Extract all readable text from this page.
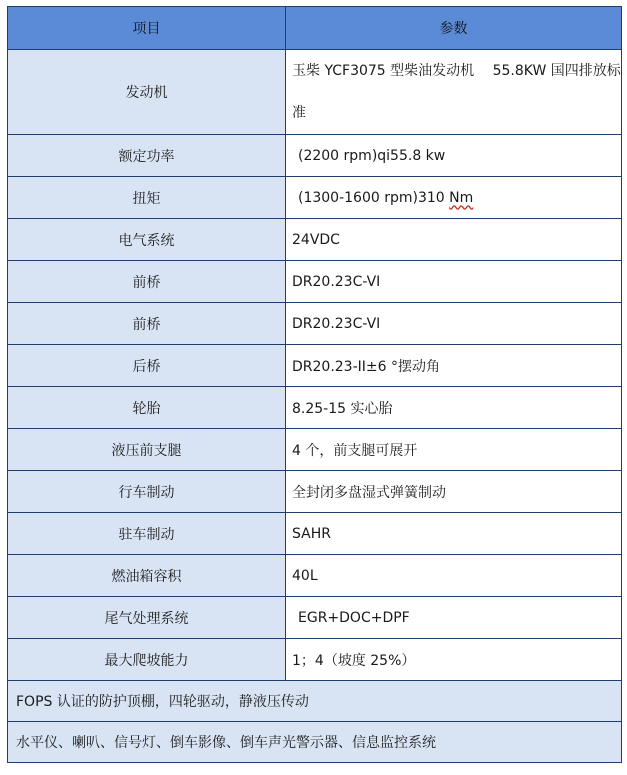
项目	参数
发动机	玉柴 YCF3075 型柴油发动机　 55.8KW 国四排放标准
额定功率	(2200 rpm)qi55.8 kw
扭矩	(1300-1600 rpm)310 Nm
电气系统	24VDC
前桥	DR20.23C-VI
前桥	DR20.23C-VI
后桥	DR20.23-II±6 °摆动角
轮胎	8.25-15 实心胎
液压前支腿	4 个，前支腿可展开
行车制动	全封闭多盘湿式弹簧制动
驻车制动	SAHR
燃油箱容积	40L
尾气处理系统	EGR+DOC+DPF
最大爬坡能力	1；4（坡度 25%）
FOPS 认证的防护顶棚，四轮驱动，静液压传动	
水平仪、喇叭、信号灯、倒车影像、倒车声光警示器、信息监控系统	
